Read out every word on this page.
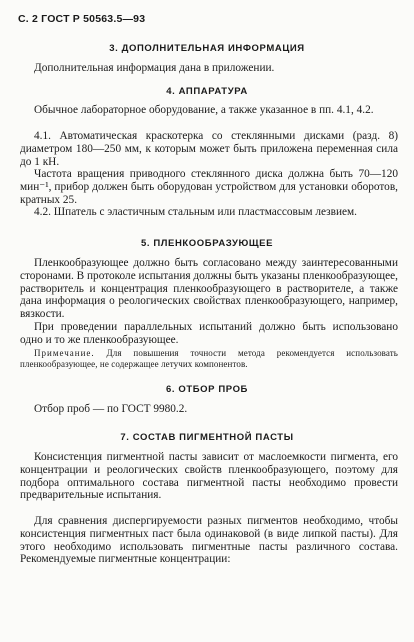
С. 2 ГОСТ Р 50563.5—93
3. ДОПОЛНИТЕЛЬНАЯ ИНФОРМАЦИЯ
Дополнительная информация дана в приложении.
4. АППАРАТУРА
Обычное лабораторное оборудование, а также указанное в пп. 4.1, 4.2.
4.1. Автоматическая краскотерка со стеклянными дисками (разд. 8) диаметром 180—250 мм, к которым может быть приложена переменная сила до 1 кН.
Частота вращения приводного стеклянного диска должна быть 70—120 мин⁻¹, прибор должен быть оборудован устройством для установки оборотов, кратных 25.
4.2. Шпатель с эластичным стальным или пластмассовым лезвием.
5. ПЛЕНКООБРАЗУЮЩЕЕ
Пленкообразующее должно быть согласовано между заинтересованными сторонами. В протоколе испытания должны быть указаны пленкообразующее, растворитель и концентрация пленкообразующего в растворителе, а также дана информация о реологических свойствах пленкообразующего, например, вязкости.
При проведении параллельных испытаний должно быть использовано одно и то же пленкообразующее.
Примечание. Для повышения точности метода рекомендуется использовать пленкообразующее, не содержащее летучих компонентов.
6. ОТБОР ПРОБ
Отбор проб — по ГОСТ 9980.2.
7. СОСТАВ ПИГМЕНТНОЙ ПАСТЫ
Консистенция пигментной пасты зависит от маслоемкости пигмента, его концентрации и реологических свойств пленкообразующего, поэтому для подбора оптимального состава пигментной пасты необходимо провести предварительные испытания.
Для сравнения диспергируемости разных пигментов необходимо, чтобы консистенция пигментных паст была одинаковой (в виде липкой пасты). Для этого необходимо использовать пигментные пасты различного состава. Рекомендуемые пигментные концентрации:
